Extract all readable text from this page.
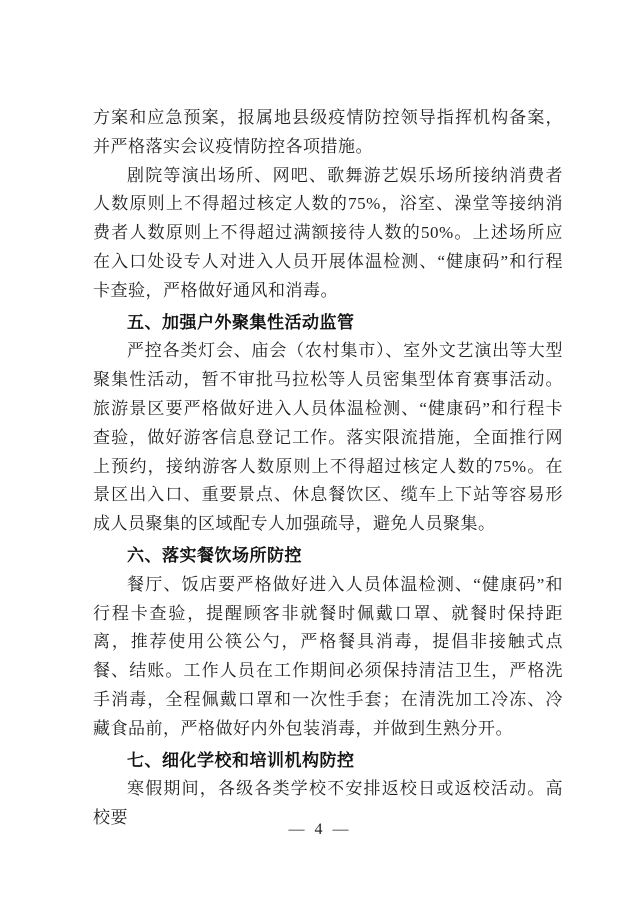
方案和应急预案，报属地县级疫情防控领导指挥机构备案，并严格落实会议疫情防控各项措施。

剧院等演出场所、网吧、歌舞游艺娱乐场所接纳消费者人数原则上不得超过核定人数的75%，浴室、澡堂等接纳消费者人数原则上不得超过满额接待人数的50%。上述场所应在入口处设专人对进入人员开展体温检测、“健康码”和行程卡查验，严格做好通风和消毒。

五、加强户外聚集性活动监管

严控各类灯会、庙会（农村集市）、室外文艺演出等大型聚集性活动，暂不审批马拉松等人员密集型体育赛事活动。旅游景区要严格做好进入人员体温检测、“健康码”和行程卡查验，做好游客信息登记工作。落实限流措施，全面推行网上预约，接纳游客人数原则上不得超过核定人数的75%。在景区出入口、重要景点、休息餐饮区、缆车上下站等容易形成人员聚集的区域配专人加强疏导，避免人员聚集。

六、落实餐饮场所防控

餐厅、饭店要严格做好进入人员体温检测、“健康码”和行程卡查验，提醒顾客非就餐时佩戴口罩、就餐时保持距离，推荐使用公筷公勺，严格餐具消毒，提倡非接触式点餐、结账。工作人员在工作期间必须保持清洁卫生，严格洗手消毒，全程佩戴口罩和一次性手套；在清洗加工冷冻、冷藏食品前，严格做好内外包装消毒，并做到生熟分开。

七、细化学校和培训机构防控

寒假期间，各级各类学校不安排返校日或返校活动。高校要

— 4 —
